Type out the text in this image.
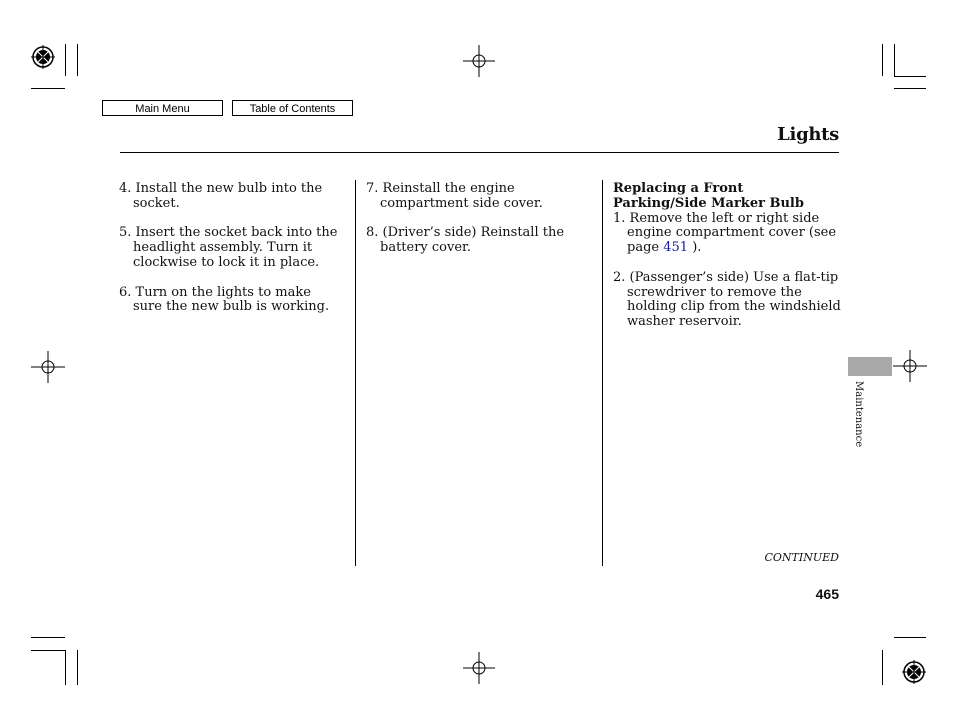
Main Menu	Table of Contents
Lights

4. Install the new bulb into the socket.

5. Insert the socket back into the headlight assembly. Turn it clockwise to lock it in place.

6. Turn on the lights to make sure the new bulb is working.

7. Reinstall the engine compartment side cover.

8. (Driver’s side) Reinstall the battery cover.

Replacing a Front Parking/Side Marker Bulb

1. Remove the left or right side engine compartment cover (see page 451 ).

2. (Passenger’s side) Use a flat-tip screwdriver to remove the holding clip from the windshield washer reservoir.

Maintenance
CONTINUED
465
